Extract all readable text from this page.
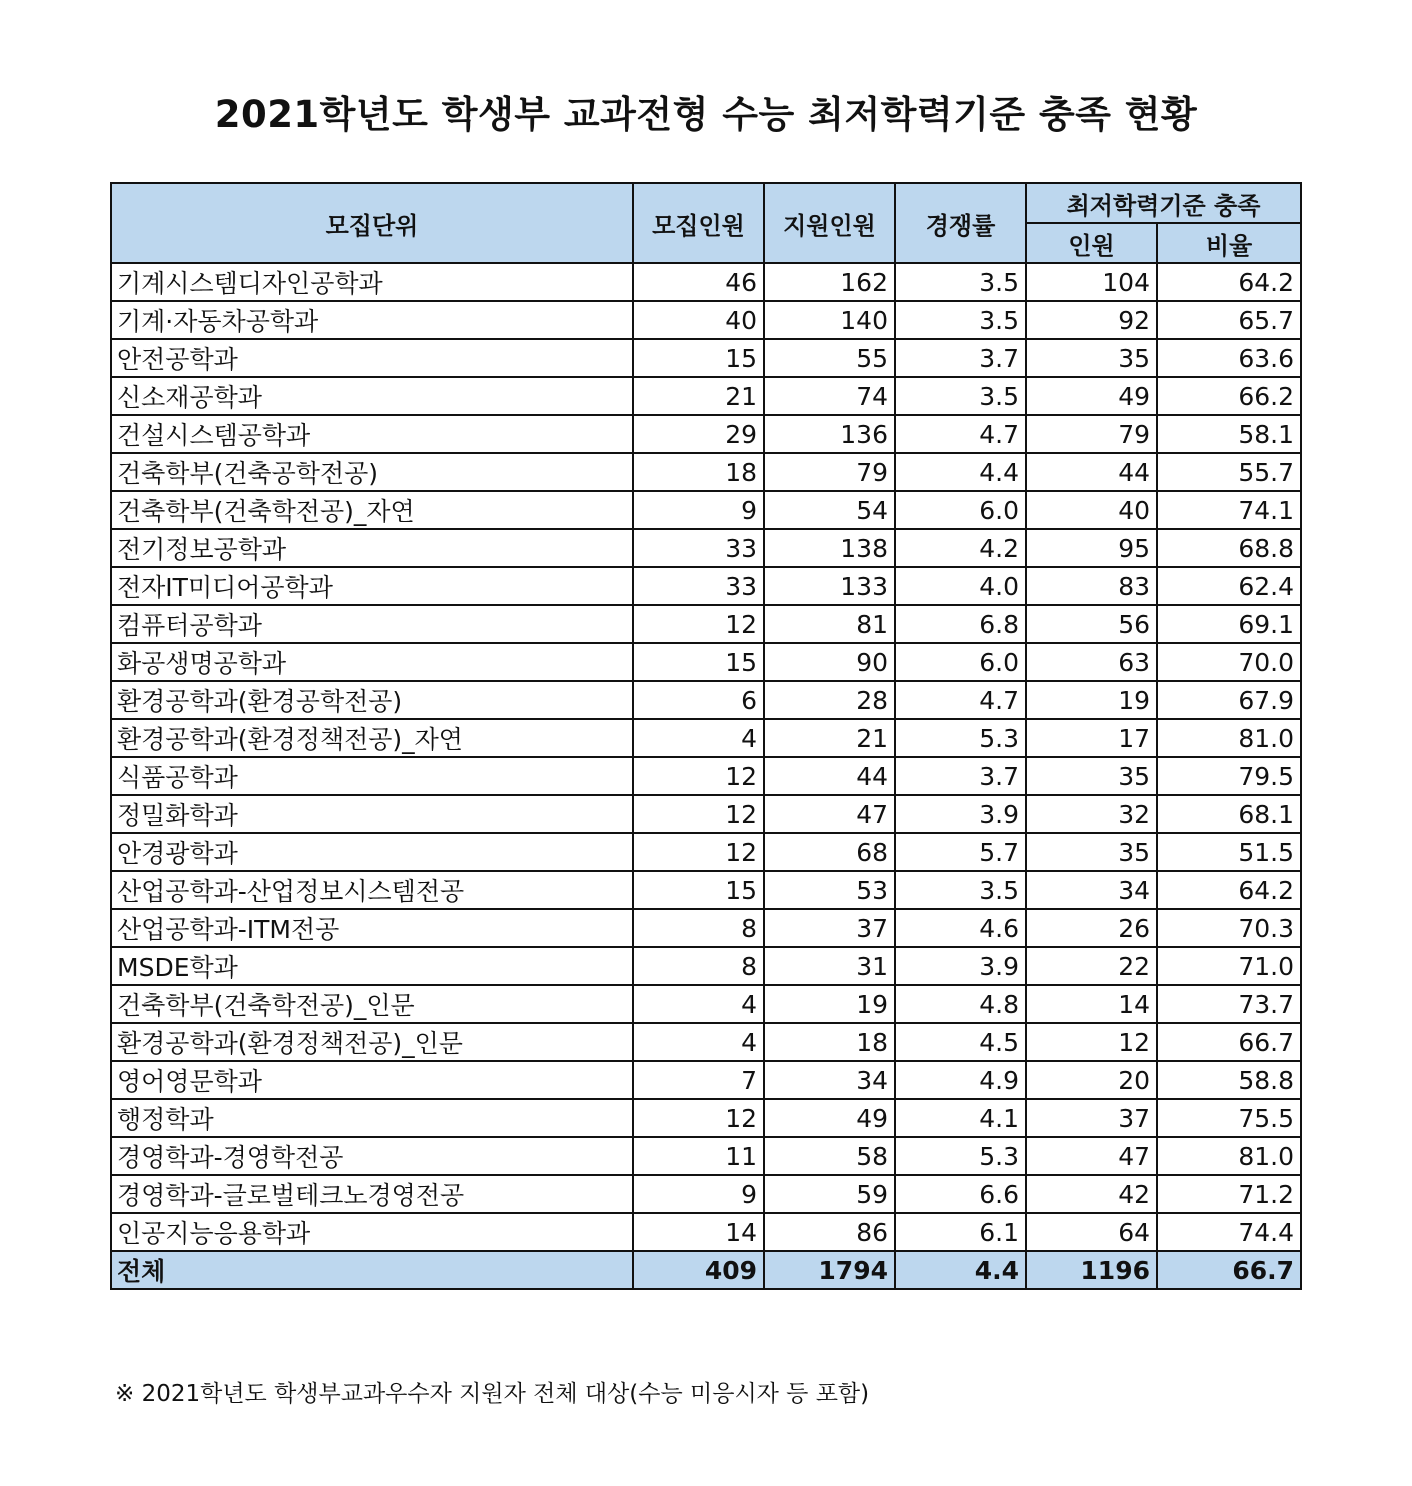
2021학년도 학생부 교과전형 수능 최저학력기준 충족 현황
모집단위	모집인원	지원인원	경쟁률	최저학력기준 충족	
				인원	비율
기계시스템디자인공학과	46	162	3.5	104	64.2
기계·자동차공학과	40	140	3.5	92	65.7
안전공학과	15	55	3.7	35	63.6
신소재공학과	21	74	3.5	49	66.2
건설시스템공학과	29	136	4.7	79	58.1
건축학부(건축공학전공)	18	79	4.4	44	55.7
건축학부(건축학전공)_자연	9	54	6.0	40	74.1
전기정보공학과	33	138	4.2	95	68.8
전자IT미디어공학과	33	133	4.0	83	62.4
컴퓨터공학과	12	81	6.8	56	69.1
화공생명공학과	15	90	6.0	63	70.0
환경공학과(환경공학전공)	6	28	4.7	19	67.9
환경공학과(환경정책전공)_자연	4	21	5.3	17	81.0
식품공학과	12	44	3.7	35	79.5
정밀화학과	12	47	3.9	32	68.1
안경광학과	12	68	5.7	35	51.5
산업공학과-산업정보시스템전공	15	53	3.5	34	64.2
산업공학과-ITM전공	8	37	4.6	26	70.3
MSDE학과	8	31	3.9	22	71.0
건축학부(건축학전공)_인문	4	19	4.8	14	73.7
환경공학과(환경정책전공)_인문	4	18	4.5	12	66.7
영어영문학과	7	34	4.9	20	58.8
행정학과	12	49	4.1	37	75.5
경영학과-경영학전공	11	58	5.3	47	81.0
경영학과-글로벌테크노경영전공	9	59	6.6	42	71.2
인공지능응용학과	14	86	6.1	64	74.4
전체	409	1794	4.4	1196	66.7
※ 2021학년도 학생부교과우수자 지원자 전체 대상(수능 미응시자 등 포함)
